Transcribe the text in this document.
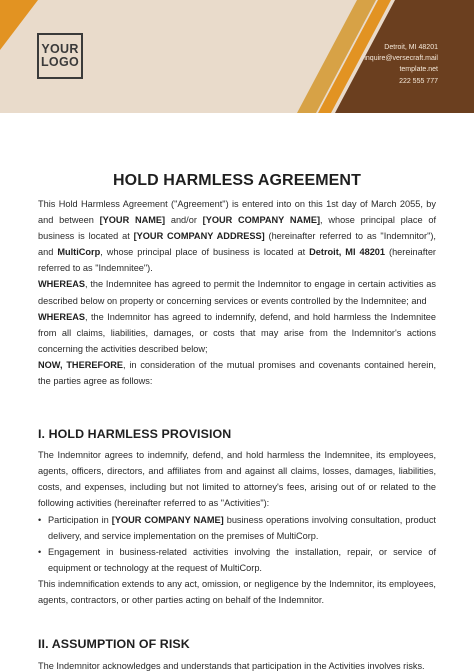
YOUR
LOGO
Detroit, MI 48201
inquire@versecraft.mail
template.net
222 555 777
HOLD HARMLESS AGREEMENT

This Hold Harmless Agreement ("Agreement") is entered into on this 1st day of March 2055, by and between [YOUR NAME] and/or [YOUR COMPANY NAME], whose principal place of business is located at [YOUR COMPANY ADDRESS] (hereinafter referred to as "Indemnitor"), and MultiCorp, whose principal place of business is located at Detroit, MI 48201 (hereinafter referred to as "Indemnitee").

WHEREAS, the Indemnitee has agreed to permit the Indemnitor to engage in certain activities as described below on property or concerning services or events controlled by the Indemnitee; and

WHEREAS, the Indemnitor has agreed to indemnify, defend, and hold harmless the Indemnitee from all claims, liabilities, damages, or costs that may arise from the Indemnitor's actions concerning the activities described below;

NOW, THEREFORE, in consideration of the mutual promises and covenants contained herein, the parties agree as follows:

I. HOLD HARMLESS PROVISION

The Indemnitor agrees to indemnify, defend, and hold harmless the Indemnitee, its employees, agents, officers, directors, and affiliates from and against all claims, losses, damages, liabilities, costs, and expenses, including but not limited to attorney's fees, arising out of or related to the following activities (hereinafter referred to as "Activities"):

• Participation in [YOUR COMPANY NAME] business operations involving consultation, product delivery, and service implementation on the premises of MultiCorp.
• Engagement in business-related activities involving the installation, repair, or service of equipment or technology at the request of MultiCorp.

This indemnification extends to any act, omission, or negligence by the Indemnitor, its employees, agents, contractors, or other parties acting on behalf of the Indemnitor.

II. ASSUMPTION OF RISK

The Indemnitor acknowledges and understands that participation in the Activities involves risks.
